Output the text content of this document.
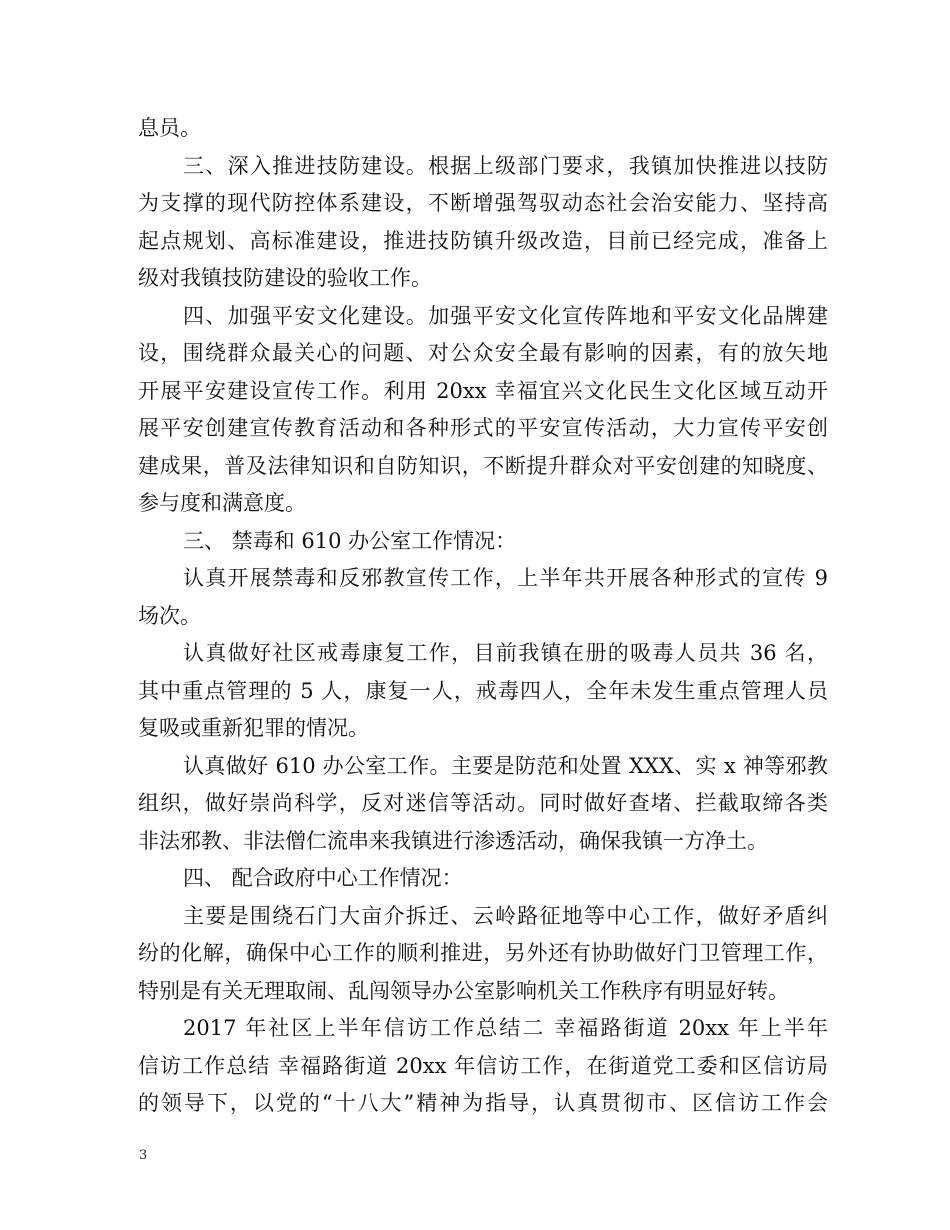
息员。
三、深入推进技防建设。根据上级部门要求，我镇加快推进以技防
为支撑的现代防控体系建设，不断增强驾驭动态社会治安能力、坚持高
起点规划、高标准建设，推进技防镇升级改造，目前已经完成，准备上
级对我镇技防建设的验收工作。
四、加强平安文化建设。加强平安文化宣传阵地和平安文化品牌建
设，围绕群众最关心的问题、对公众安全最有影响的因素，有的放矢地
开展平安建设宣传工作。利用 20xx 幸福宜兴文化民生文化区域互动开
展平安创建宣传教育活动和各种形式的平安宣传活动，大力宣传平安创
建成果，普及法律知识和自防知识，不断提升群众对平安创建的知晓度、
参与度和满意度。
三、 禁毒和 610 办公室工作情况：
认真开展禁毒和反邪教宣传工作，上半年共开展各种形式的宣传 9
场次。
认真做好社区戒毒康复工作，目前我镇在册的吸毒人员共 36 名，
其中重点管理的 5 人，康复一人，戒毒四人，全年未发生重点管理人员
复吸或重新犯罪的情况。
认真做好 610 办公室工作。主要是防范和处置 XXX、实 x 神等邪教
组织，做好崇尚科学，反对迷信等活动。同时做好查堵、拦截取缔各类
非法邪教、非法僧仁流串来我镇进行渗透活动，确保我镇一方净土。
四、 配合政府中心工作情况：
主要是围绕石门大亩介拆迁、云岭路征地等中心工作，做好矛盾纠
纷的化解，确保中心工作的顺利推进，另外还有协助做好门卫管理工作，
特别是有关无理取闹、乱闯领导办公室影响机关工作秩序有明显好转。
2017 年社区上半年信访工作总结二 幸福路街道 20xx 年上半年
信访工作总结 幸福路街道 20xx 年信访工作，在街道党工委和区信访局
的领导下，以党的“十八大”精神为指导，认真贯彻市、区信访工作会
3
